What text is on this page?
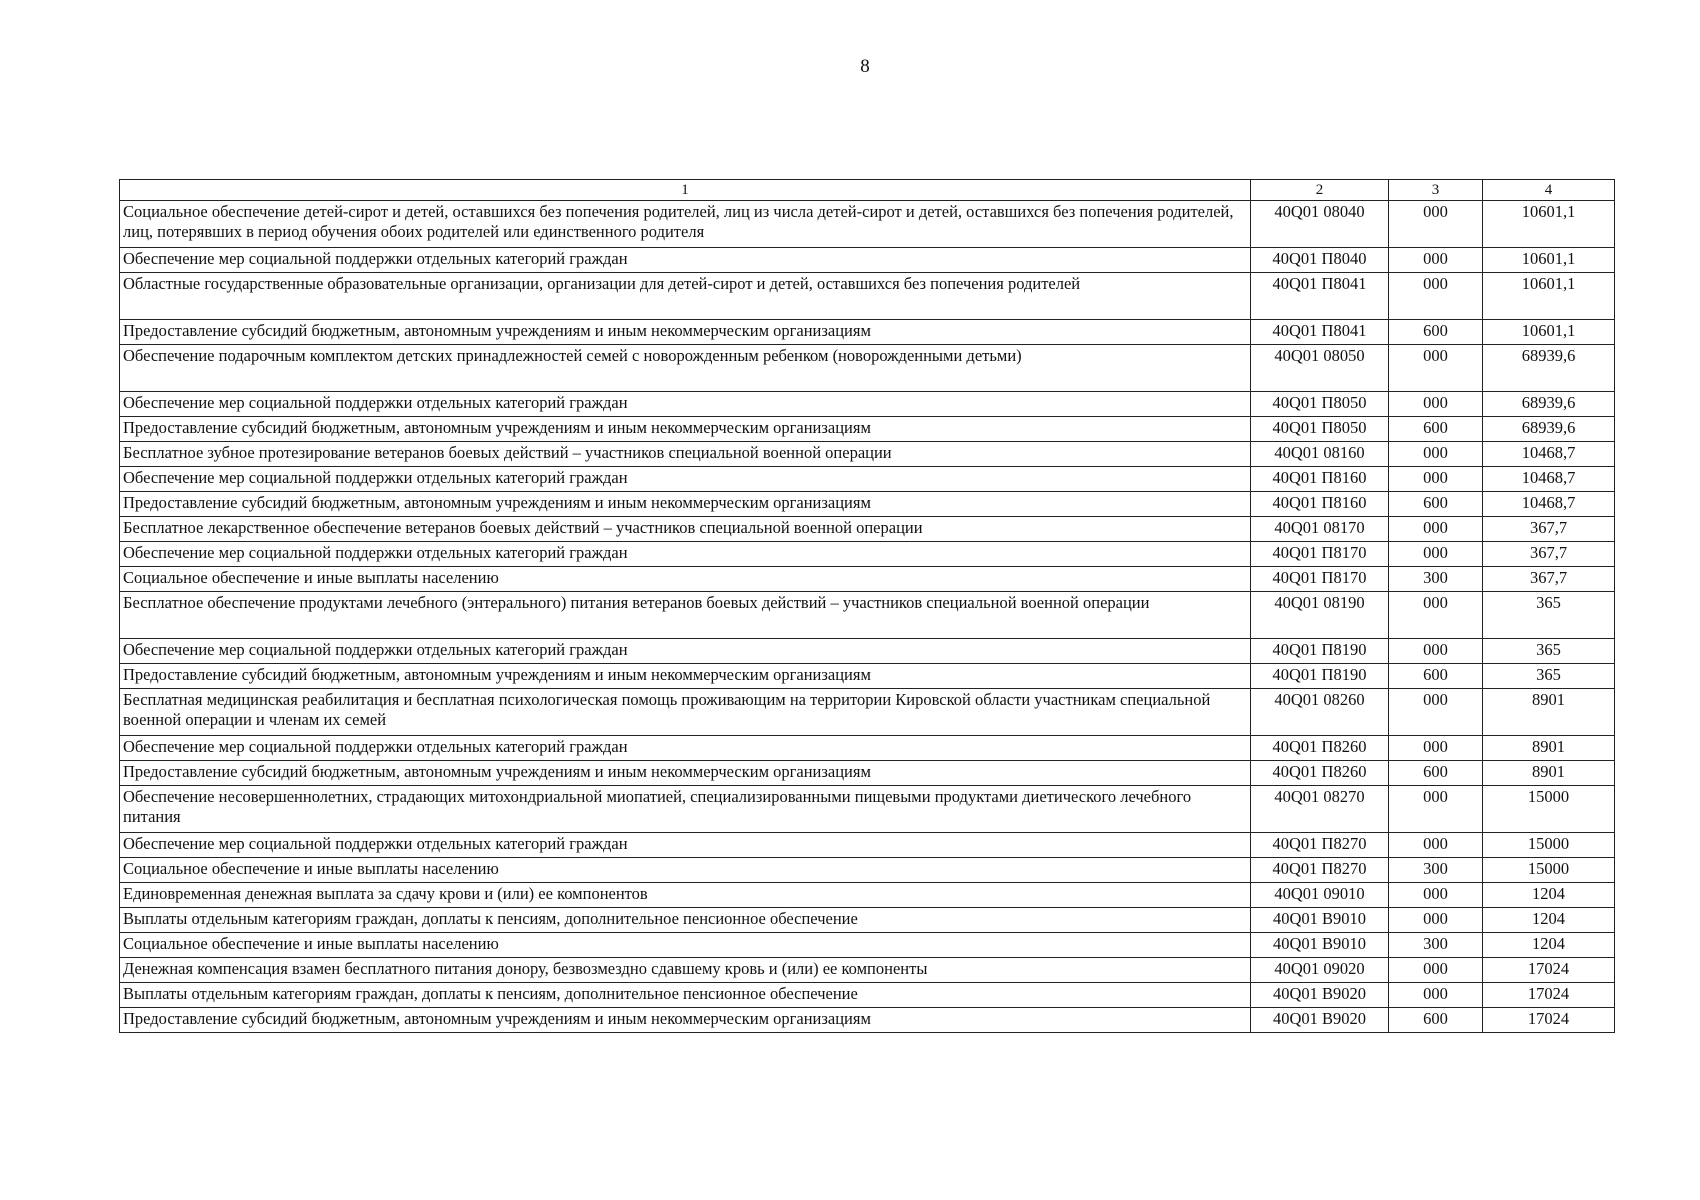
8
1	2	3	4
Социальное обеспечение детей-сирот и детей, оставшихся без попечения родителей, лиц из числа детей-сирот и детей, оставшихся без попечения родителей, лиц, потерявших в период обучения обоих родителей или единственного родителя	40Q01 08040	000	10601,1
Обеспечение мер социальной поддержки отдельных категорий граждан	40Q01 П8040	000	10601,1
Областные государственные образовательные организации, организации для детей-сирот и детей, оставшихся без попечения родителей	40Q01 П8041	000	10601,1
Предоставление субсидий бюджетным, автономным учреждениям и иным некоммерческим организациям	40Q01 П8041	600	10601,1
Обеспечение подарочным комплектом детских принадлежностей семей с новорожденным ребенком (новорожденными детьми)	40Q01 08050	000	68939,6
Обеспечение мер социальной поддержки отдельных категорий граждан	40Q01 П8050	000	68939,6
Предоставление субсидий бюджетным, автономным учреждениям и иным некоммерческим организациям	40Q01 П8050	600	68939,6
Бесплатное зубное протезирование ветеранов боевых действий – участников специальной военной операции	40Q01 08160	000	10468,7
Обеспечение мер социальной поддержки отдельных категорий граждан	40Q01 П8160	000	10468,7
Предоставление субсидий бюджетным, автономным учреждениям и иным некоммерческим организациям	40Q01 П8160	600	10468,7
Бесплатное лекарственное обеспечение ветеранов боевых действий – участников специальной военной операции	40Q01 08170	000	367,7
Обеспечение мер социальной поддержки отдельных категорий граждан	40Q01 П8170	000	367,7
Социальное обеспечение и иные выплаты населению	40Q01 П8170	300	367,7
Бесплатное обеспечение продуктами лечебного (энтерального) питания ветеранов боевых действий – участников специальной военной операции	40Q01 08190	000	365
Обеспечение мер социальной поддержки отдельных категорий граждан	40Q01 П8190	000	365
Предоставление субсидий бюджетным, автономным учреждениям и иным некоммерческим организациям	40Q01 П8190	600	365
Бесплатная медицинская реабилитация и бесплатная психологическая помощь проживающим на территории Кировской области участникам специальной военной операции и членам их семей	40Q01 08260	000	8901
Обеспечение мер социальной поддержки отдельных категорий граждан	40Q01 П8260	000	8901
Предоставление субсидий бюджетным, автономным учреждениям и иным некоммерческим организациям	40Q01 П8260	600	8901
Обеспечение несовершеннолетних, страдающих митохондриальной миопатией, специализированными пищевыми продуктами диетического лечебного питания	40Q01 08270	000	15000
Обеспечение мер социальной поддержки отдельных категорий граждан	40Q01 П8270	000	15000
Социальное обеспечение и иные выплаты населению	40Q01 П8270	300	15000
Единовременная денежная выплата за сдачу крови и (или) ее компонентов	40Q01 09010	000	1204
Выплаты отдельным категориям граждан, доплаты к пенсиям, дополнительное пенсионное обеспечение	40Q01 В9010	000	1204
Социальное обеспечение и иные выплаты населению	40Q01 В9010	300	1204
Денежная компенсация взамен бесплатного питания донору, безвозмездно сдавшему кровь и (или) ее компоненты	40Q01 09020	000	17024
Выплаты отдельным категориям граждан, доплаты к пенсиям, дополнительное пенсионное обеспечение	40Q01 В9020	000	17024
Предоставление субсидий бюджетным, автономным учреждениям и иным некоммерческим организациям	40Q01 В9020	600	17024
